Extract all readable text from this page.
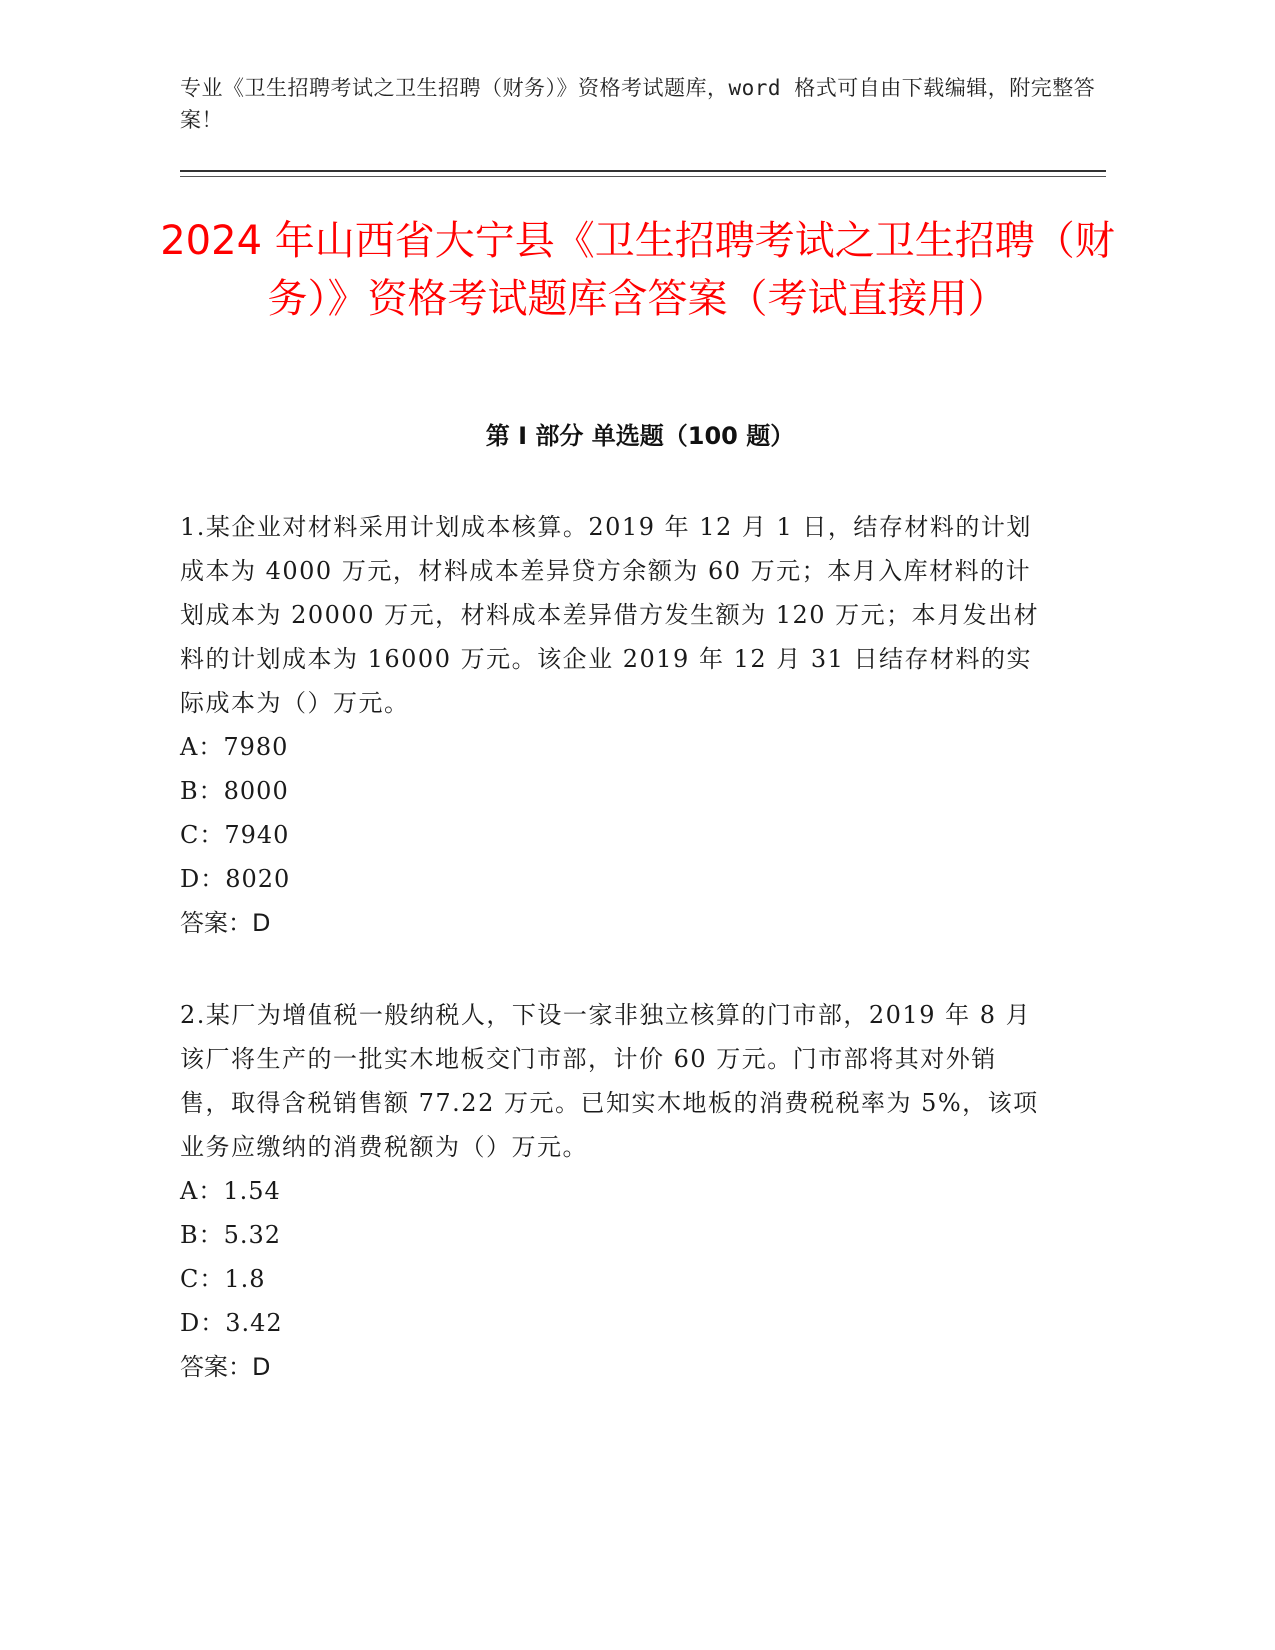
专业《卫生招聘考试之卫生招聘（财务）》资格考试题库，word 格式可自由下载编辑，附完整答案！
2024 年山西省大宁县《卫生招聘考试之卫生招聘（财务）》资格考试题库含答案（考试直接用）
第 I 部分 单选题（100 题）

1.某企业对材料采用计划成本核算。2019 年 12 月 1 日，结存材料的计划成本为 4000 万元，材料成本差异贷方余额为 60 万元；本月入库材料的计划成本为 20000 万元，材料成本差异借方发生额为 120 万元；本月发出材料的计划成本为 16000 万元。该企业 2019 年 12 月 31 日结存材料的实际成本为（）万元。

A：7980

B：8000

C：7940

D：8020

答案：D

2.某厂为增值税一般纳税人，下设一家非独立核算的门市部，2019 年 8 月该厂将生产的一批实木地板交门市部，计价 60 万元。门市部将其对外销售，取得含税销售额 77.22 万元。已知实木地板的消费税税率为 5%，该项业务应缴纳的消费税额为（）万元。

A：1.54

B：5.32

C：1.8

D：3.42

答案：D
